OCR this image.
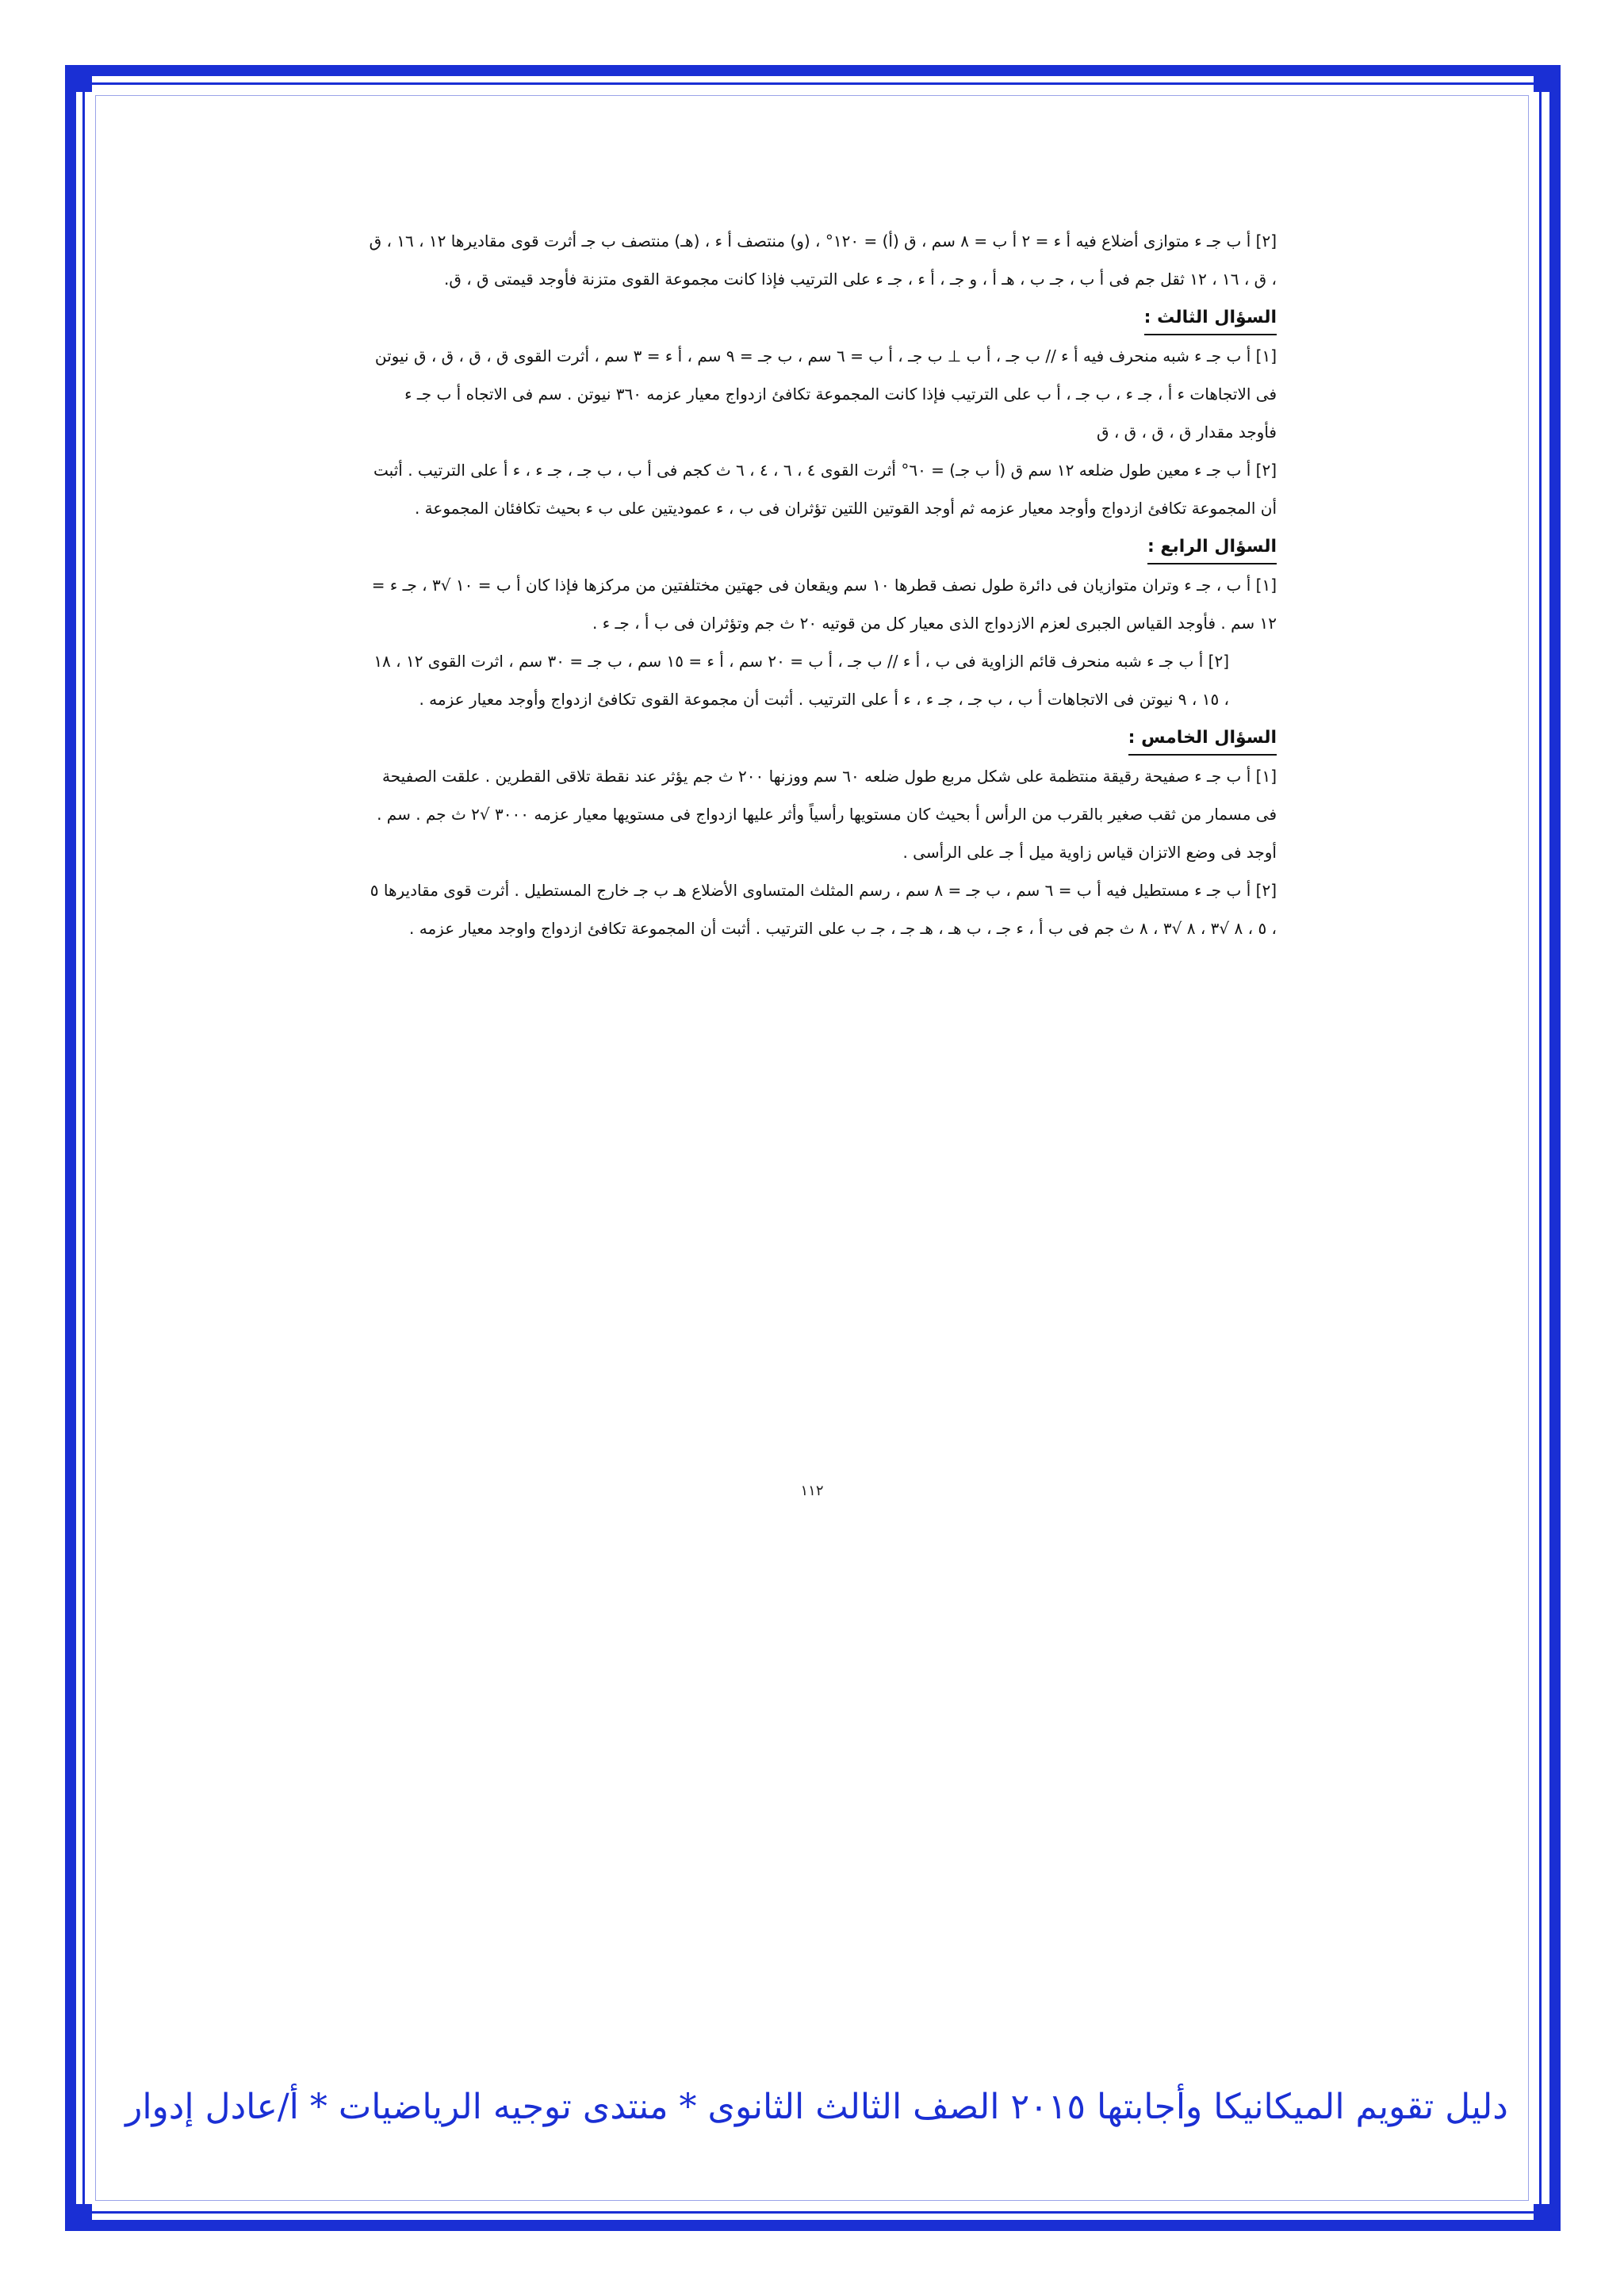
[٢] أ ب جـ ء متوازى أضلاع فيه أ ء = ٢ أ ب = ٨ سم ، ق (أ) = ١٢٠° ، (و) منتصف أ ء ، (هـ) منتصف ب جـ أثرت قوى مقاديرها ١٢ ، ١٦ ، ق ، ق ، ١٦ ، ١٢ ثقل جم فى أ ب ، جـ ب ، هـ أ ، و جـ ، أ ء ، جـ ء على الترتيب فإذا كانت مجموعة القوى متزنة فأوجد قيمتى ق ، ق.
السؤال الثالث :
[١] أ ب جـ ء شبه منحرف فيه أ ء // ب جـ ، أ ب ⊥ ب جـ ، أ ب = ٦ سم ، ب جـ = ٩ سم ، أ ء = ٣ سم ، أثرت القوى ق ، ق ، ق ، ق نيوتن فى الاتجاهات ء أ ، جـ ء ، ب جـ ، أ ب على الترتيب فإذا كانت المجموعة تكافئ ازدواج معيار عزمه ٣٦٠ نيوتن . سم فى الاتجاه أ ب جـ ء فأوجد مقدار ق ، ق ، ق ، ق
[٢] أ ب جـ ء معين طول ضلعه ١٢ سم ق (أ ب جـ) = ٦٠° أثرت القوى ٤ ، ٦ ، ٤ ، ٦ ث كجم فى أ ب ، ب جـ ، جـ ء ، ء أ على الترتيب . أثبت أن المجموعة تكافئ ازدواج وأوجد معيار عزمه ثم أوجد القوتين اللتين تؤثران فى ب ، ء عموديتين على ب ء بحيث تكافئان المجموعة .
السؤال الرابع :
[١] أ ب ، جـ ء وتران متوازيان فى دائرة طول نصف قطرها ١٠ سم ويقعان فى جهتين مختلفتين من مركزها فإذا كان أ ب = ١٠ √٣ ، جـ ء = ١٢ سم . فأوجد القياس الجبرى لعزم الازدواج الذى معيار كل من قوتيه ٢٠ ث جم وتؤثران فى ب أ ، جـ ء .
[٢] أ ب جـ ء شبه منحرف قائم الزاوية فى ب ، أ ء // ب جـ ، أ ب = ٢٠ سم ، أ ء = ١٥ سم ، ب جـ = ٣٠ سم ، اثرت القوى ١٢ ، ١٨ ، ١٥ ، ٩ نيوتن فى الاتجاهات أ ب ، ب جـ ، جـ ء ، ء أ على الترتيب . أثبت أن مجموعة القوى تكافئ ازدواج وأوجد معيار عزمه .
السؤال الخامس :
[١] أ ب جـ ء صفيحة رقيقة منتظمة على شكل مربع طول ضلعه ٦٠ سم ووزنها ٢٠٠ ث جم يؤثر عند نقطة تلاقى القطرين . علقت الصفيحة فى مسمار من ثقب صغير بالقرب من الرأس أ بحيث كان مستويها رأسياً وأثر عليها ازدواج فى مستويها معيار عزمه ٣٠٠٠ √٢ ث جم . سم . أوجد فى وضع الاتزان قياس زاوية ميل أ جـ على الرأسى .
[٢] أ ب جـ ء مستطيل فيه أ ب = ٦ سم ، ب جـ = ٨ سم ، رسم المثلث المتساوى الأضلاع هـ ب جـ خارج المستطيل . أثرت قوى مقاديرها ٥ ، ٥ ، ٨ √٣ ، ٨ √٣ ، ٨ ث جم فى ب أ ، ء جـ ، ب هـ ، هـ جـ ، جـ ب على الترتيب . أثبت أن المجموعة تكافئ ازدواج واوجد معيار عزمه .
١١٢
دليل تقويم الميكانيكا وأجابتها ٢٠١٥ الصف الثالث الثانوى * منتدى توجيه الرياضيات * أ/عادل إدوار
